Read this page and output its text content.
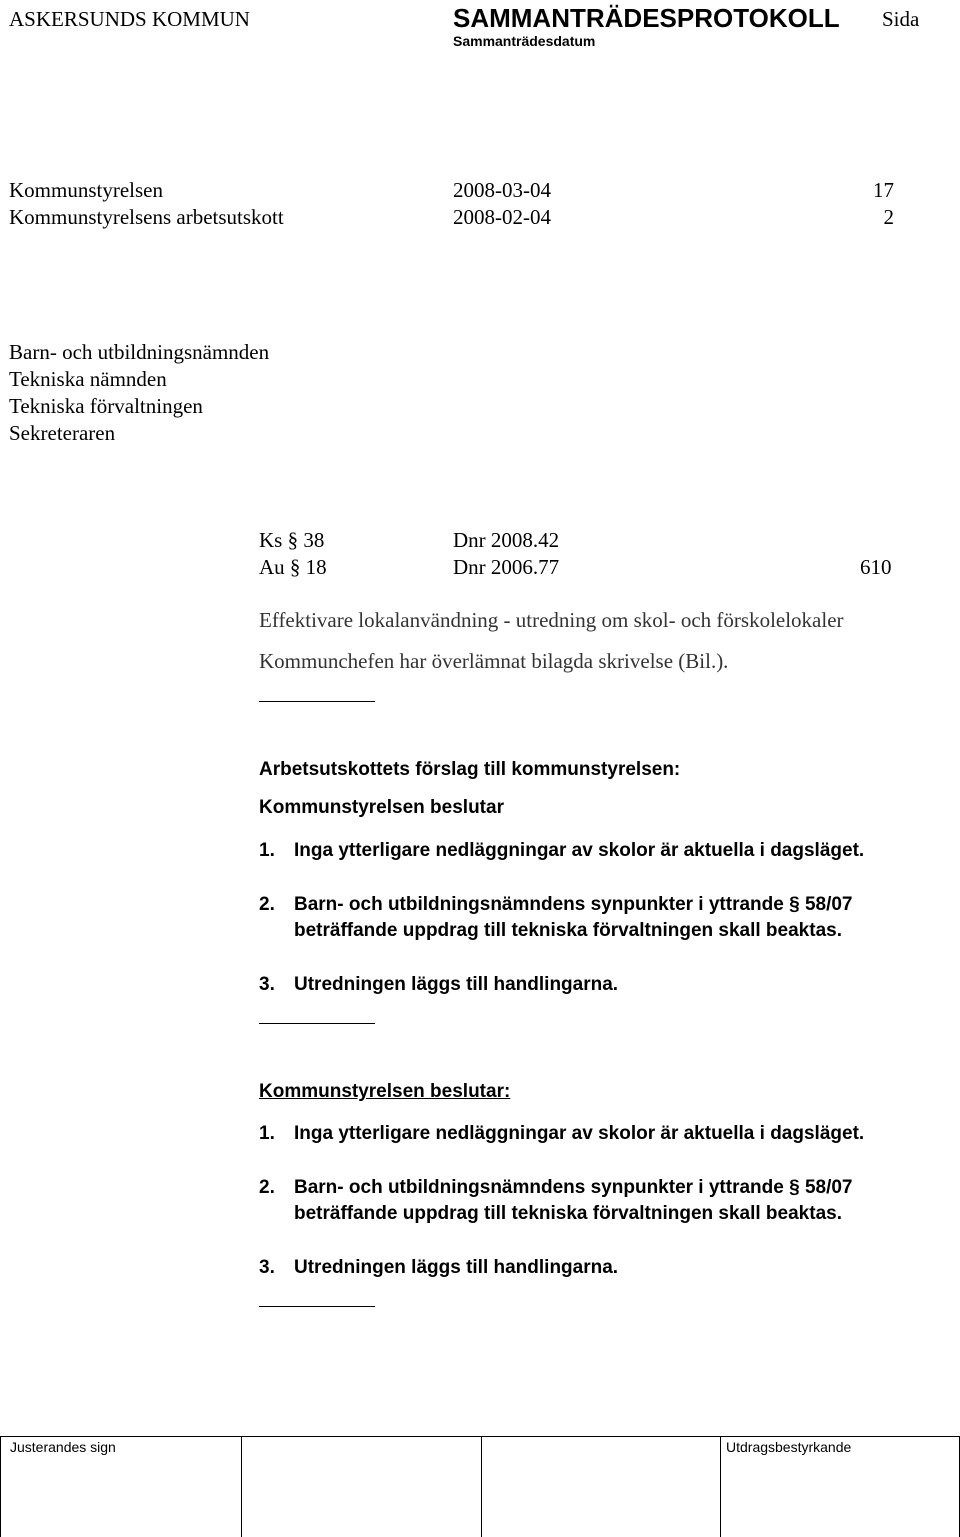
ASKERSUNDS KOMMUN	SAMMANTRÄDESPROTOKOLL Sida
Sammanträdesdatum
Kommunstyrelsen	2008-03-04	17
Kommunstyrelsens arbetsutskott	2008-02-04	2
Barn- och utbildningsnämnden
Tekniska nämnden
Tekniska förvaltningen
Sekreteraren
Ks § 38	Dnr 2008.42
Au § 18	Dnr 2006.77	610
Effektivare lokalanvändning - utredning om skol- och förskolelokaler
Kommunchefen har överlämnat bilagda skrivelse (Bil.).
Arbetsutskottets förslag till kommunstyrelsen:
Kommunstyrelsen beslutar
1. Inga ytterligare nedläggningar av skolor är aktuella i dagsläget.
2. Barn- och utbildningsnämndens synpunkter i yttrande § 58/07
beträffande uppdrag till tekniska förvaltningen skall beaktas.
3. Utredningen läggs till handlingarna.
Kommunstyrelsen beslutar:
1. Inga ytterligare nedläggningar av skolor är aktuella i dagsläget.
2. Barn- och utbildningsnämndens synpunkter i yttrande § 58/07
beträffande uppdrag till tekniska förvaltningen skall beaktas.
3. Utredningen läggs till handlingarna.
Justerandes sign	Utdragsbestyrkande
